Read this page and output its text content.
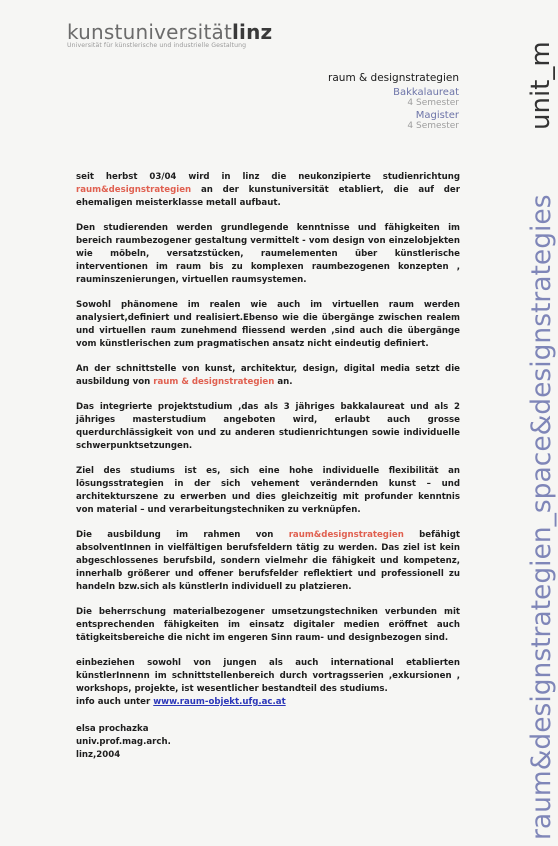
kunstuniversitätlinz
Universität für künstlerische und industrielle Gestaltung
raum & designstrategien
Bakkalaureat
4 Semester
Magister
4 Semester	unit_m
raum&designstrategien_space&designstrategies

seit herbst 03/04 wird in linz die neukonzipierte studienrichtung raum&designstrategien an der kunstuniversität etabliert, die auf der ehemaligen meisterklasse metall aufbaut.

Den studierenden werden grundlegende kenntnisse und fähigkeiten im bereich raumbezogener gestaltung vermittelt - vom design von einzelobjekten wie möbeln, versatzstücken, raumelementen über künstlerische interventionen im raum bis zu komplexen raumbezogenen konzepten , rauminszenierungen, virtuellen raumsystemen.

Sowohl phänomene im realen wie auch im virtuellen raum werden analysiert,definiert und realisiert.Ebenso wie die übergänge zwischen realem und virtuellen raum zunehmend fliessend werden ,sind auch die übergänge vom künstlerischen zum pragmatischen ansatz nicht eindeutig definiert.

An der schnittstelle von kunst, architektur, design, digital media setzt die ausbildung von raum & designstrategien an.

Das integrierte projektstudium ,das als 3 jähriges bakkalaureat und als 2 jähriges masterstudium angeboten wird, erlaubt auch grosse querdurchlässigkeit von und zu anderen studienrichtungen sowie individuelle schwerpunktsetzungen.

Ziel des studiums ist es, sich eine hohe individuelle flexibilität an lösungsstrategien in der sich vehement verändernden kunst – und architekturszene zu erwerben und dies gleichzeitig mit profunder kenntnis von material – und verarbeitungstechniken zu verknüpfen.

Die ausbildung im rahmen von raum&designstrategien befähigt absolventInnen in vielfältigen berufsfeldern tätig zu werden. Das ziel ist kein abgeschlossenes berufsbild, sondern vielmehr die fähigkeit und kompetenz, innerhalb größerer und offener berufsfelder reflektiert und professionell zu handeln bzw.sich als künstlerIn individuell zu platzieren.

Die beherrschung materialbezogener umsetzungstechniken verbunden mit entsprechenden fähigkeiten im einsatz digitaler medien eröffnet auch tätigkeitsbereiche die nicht im engeren Sinn raum- und designbezogen sind.

einbeziehen sowohl von jungen als auch international etablierten künstlerInnenn im schnittstellenbereich durch vortragsserien ,exkursionen , workshops, projekte, ist wesentlicher bestandteil des studiums.
info auch unter www.raum-objekt.ufg.ac.at

elsa prochazka
univ.prof.mag.arch.
linz,2004
